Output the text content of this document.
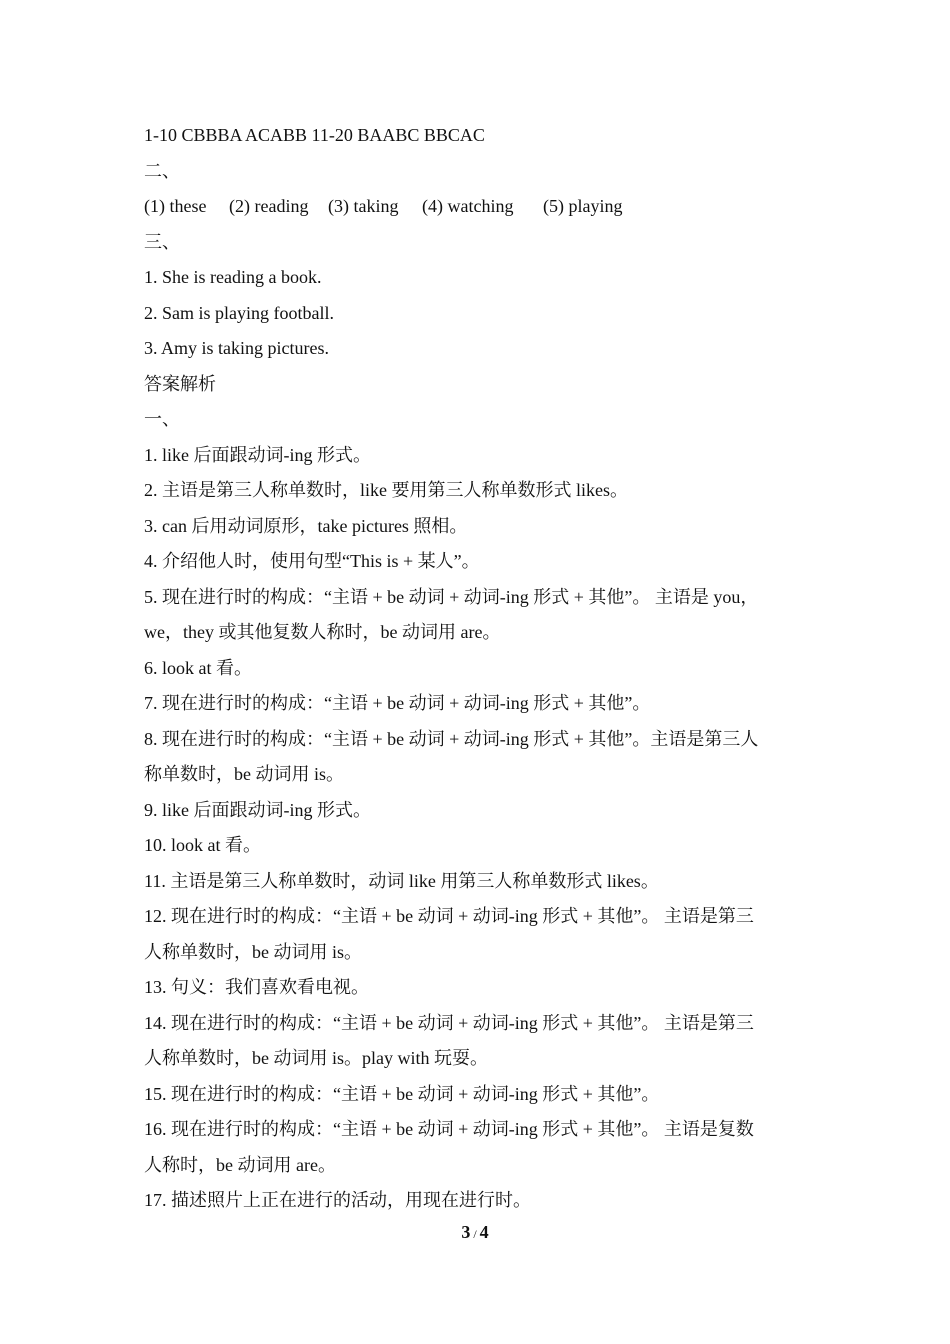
1-10 CBBBA ACABB 11-20 BAABC BBCAC
二、
(1) these	(2) reading	(3) taking	(4) watching	(5) playing
三、
1. She is reading a book.
2. Sam is playing football.
3. Amy is taking pictures.
答案解析
一、
1. like 后面跟动词-ing 形式。
2. 主语是第三人称单数时，like 要用第三人称单数形式 likes。
3. can 后用动词原形，take pictures 照相。
4. 介绍他人时，使用句型“This is + 某人”。
5. 现在进行时的构成：“主语 + be 动词 + 动词-ing 形式 + 其他”。 主语是 you，
we，they 或其他复数人称时，be 动词用 are。
6. look at 看。
7. 现在进行时的构成：“主语 + be 动词 + 动词-ing 形式 + 其他”。
8. 现在进行时的构成：“主语 + be 动词 + 动词-ing 形式 + 其他”。主语是第三人
称单数时，be 动词用 is。
9. like 后面跟动词-ing 形式。
10. look at 看。
11. 主语是第三人称单数时，动词 like 用第三人称单数形式 likes。
12. 现在进行时的构成：“主语 + be 动词 + 动词-ing 形式 + 其他”。 主语是第三
人称单数时，be 动词用 is。
13. 句义：我们喜欢看电视。
14. 现在进行时的构成：“主语 + be 动词 + 动词-ing 形式 + 其他”。 主语是第三
人称单数时，be 动词用 is。play with 玩耍。
15. 现在进行时的构成：“主语 + be 动词 + 动词-ing 形式 + 其他”。
16. 现在进行时的构成：“主语 + be 动词 + 动词-ing 形式 + 其他”。 主语是复数
人称时，be 动词用 are。
17. 描述照片上正在进行的活动，用现在进行时。
3 / 4
